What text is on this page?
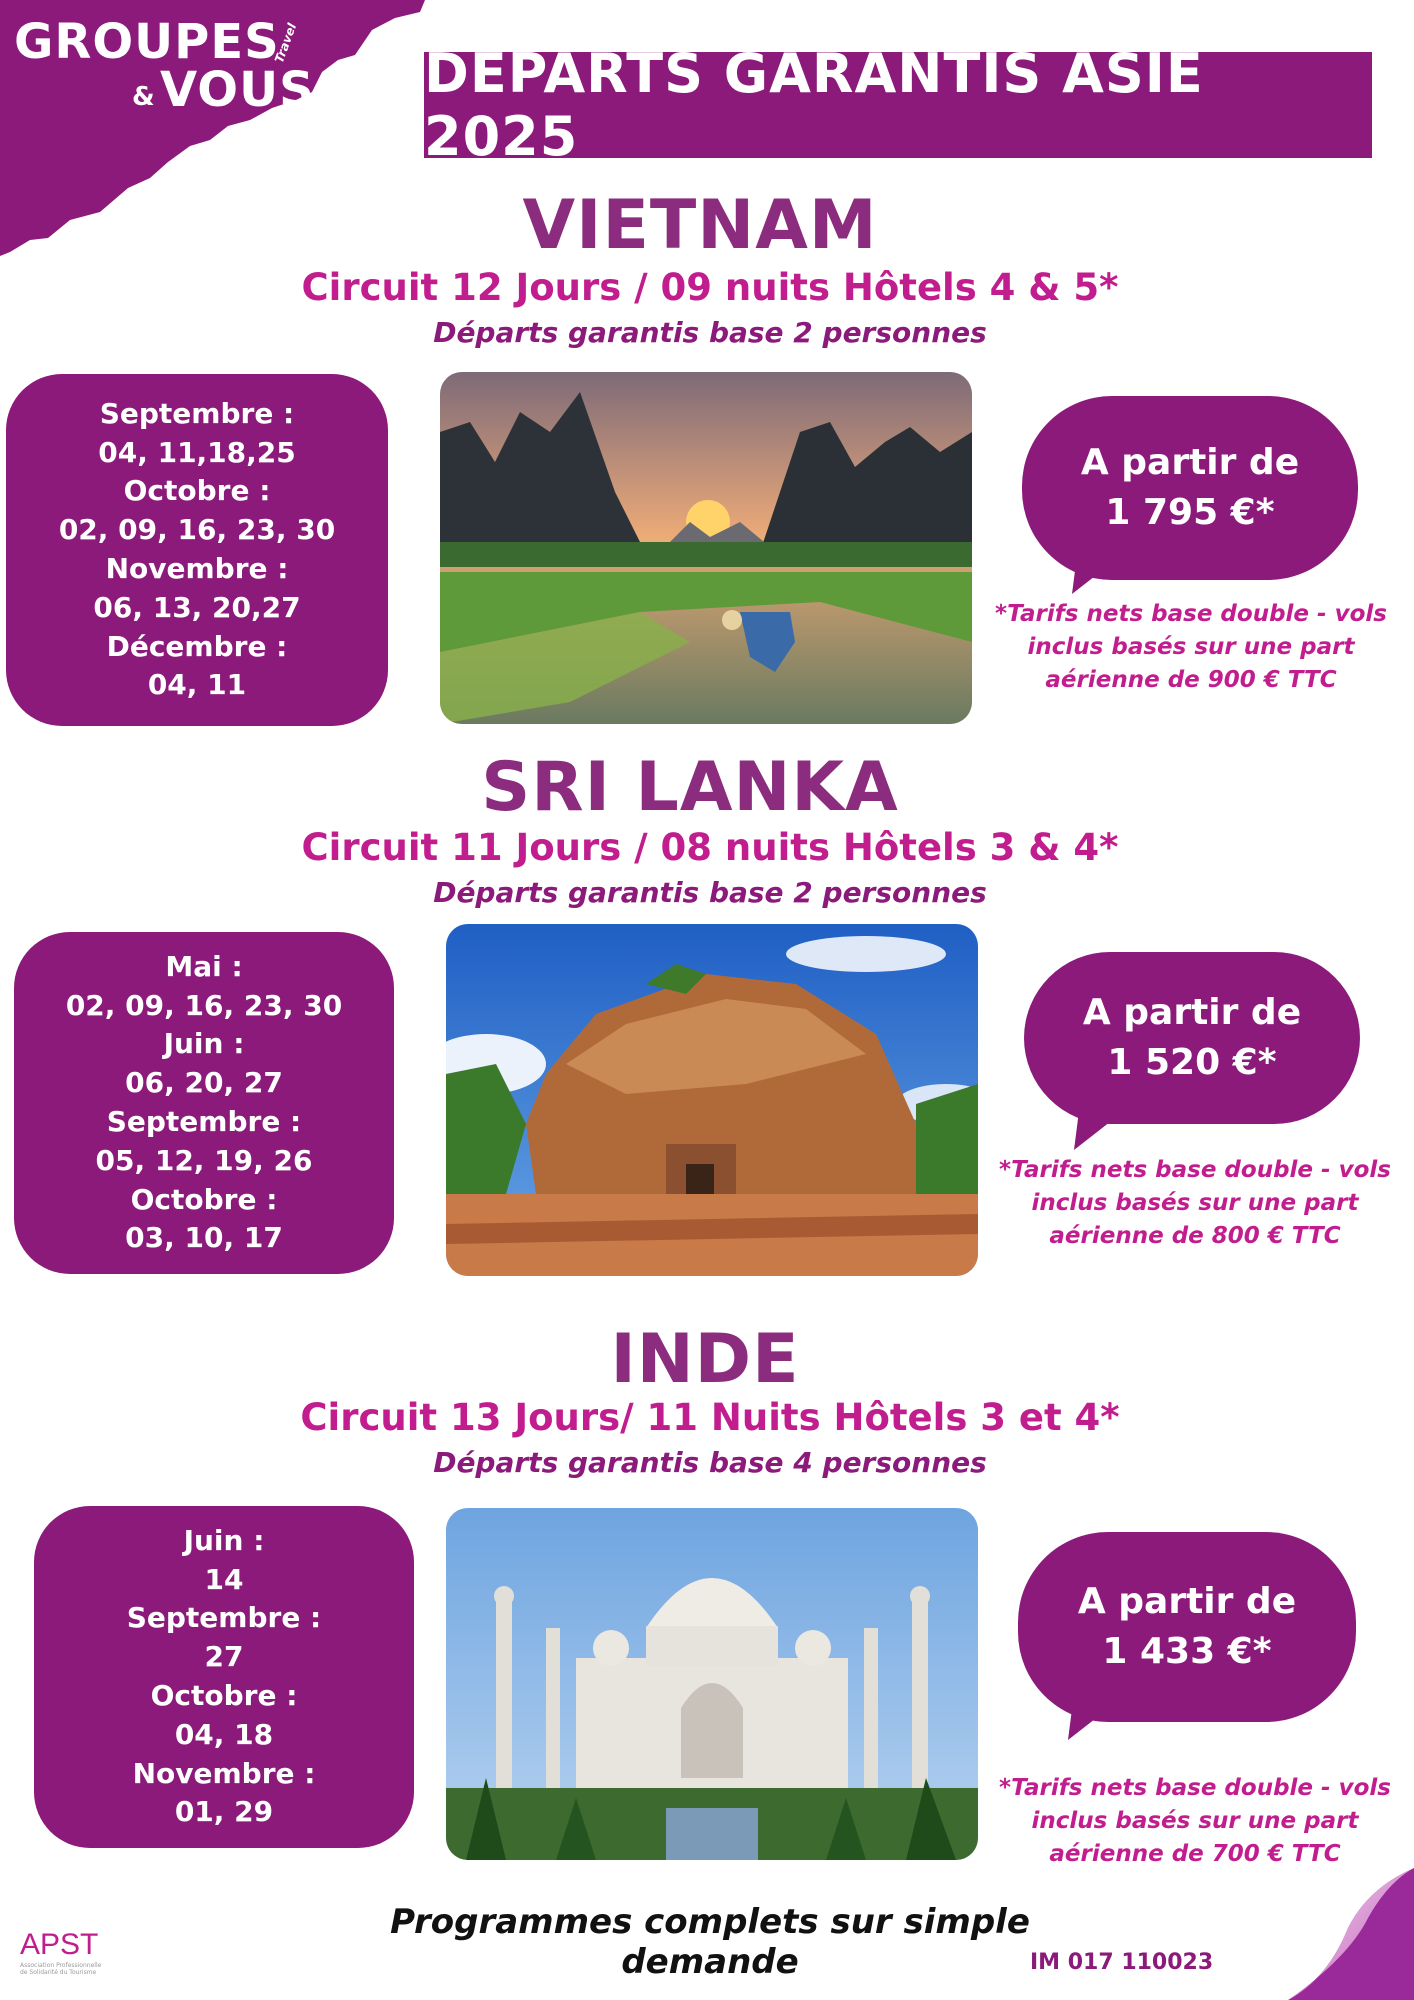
GROUPES
& VOUS
Travel DEPARTS GARANTIS ASIE 2025
VIETNAM
Circuit 12 Jours / 09 nuits Hôtels 4 & 5*
Départs garantis base 2 personnes
Septembre :
04, 11,18,25
Octobre :
02, 09, 16, 23, 30
Novembre :
06, 13, 20,27
Décembre :
04, 11
A partir de
1 795 €*
*Tarifs nets base double - vols
inclus basés sur une part
aérienne de 900 € TTC
SRI LANKA
Circuit 11 Jours / 08 nuits Hôtels 3 & 4*
Départs garantis base 2 personnes
Mai :
02, 09, 16, 23, 30
Juin :
06, 20, 27
Septembre :
05, 12, 19, 26
Octobre :
03, 10, 17
A partir de
1 520 €*
*Tarifs nets base double - vols
inclus basés sur une part
aérienne de 800 € TTC
INDE
Circuit 13 Jours/ 11 Nuits Hôtels 3 et 4*
Départs garantis base 4 personnes
Juin :
14
Septembre :
27
Octobre :
04, 18
Novembre :
01, 29
A partir de
1 433 €*
*Tarifs nets base double - vols
inclus basés sur une part
aérienne de 700 € TTC
APST
Association Professionnelle de Solidarité du Tourisme
Programmes complets sur simple demande	IM 017 110023
